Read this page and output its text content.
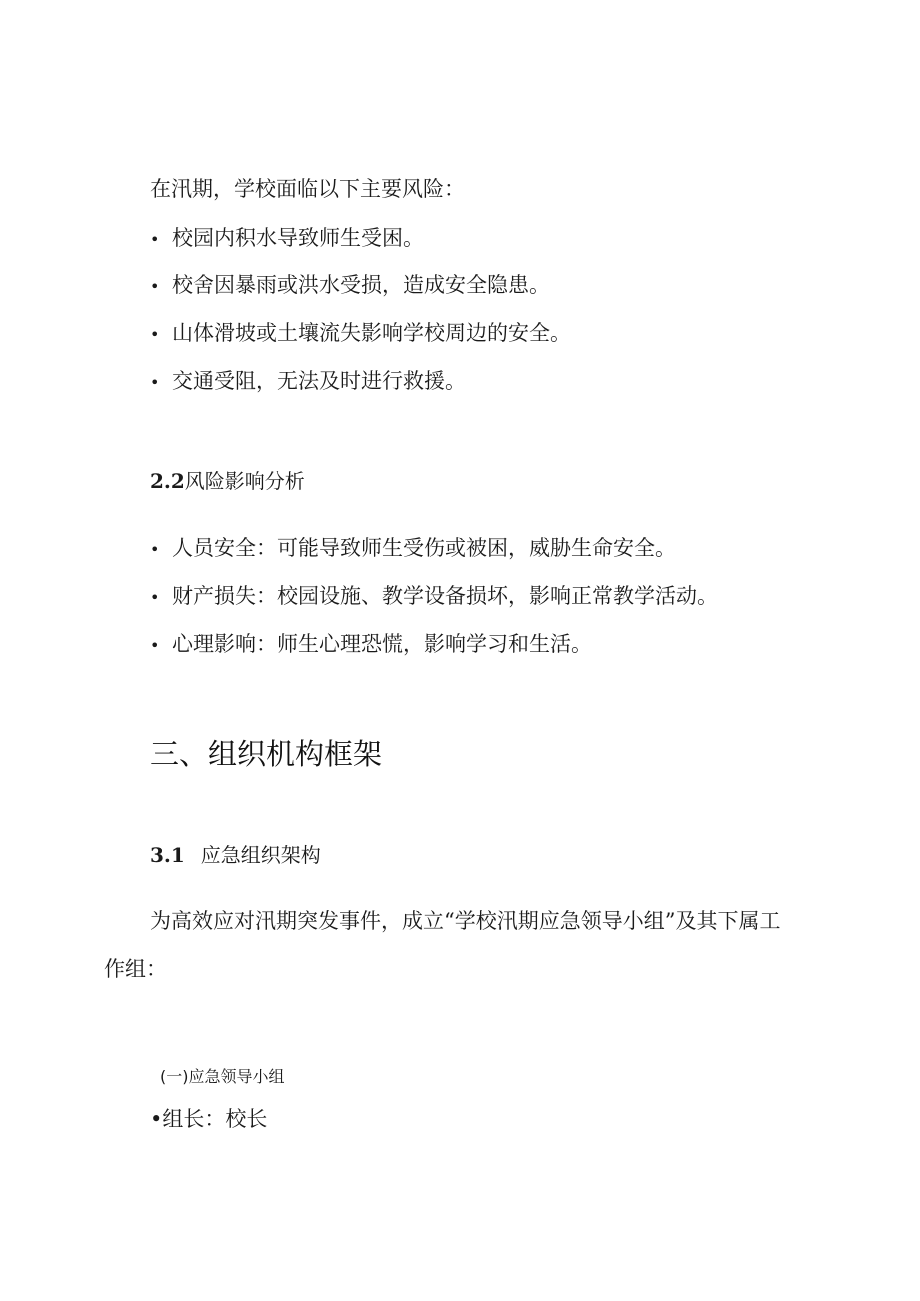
在汛期，学校面临以下主要风险：
• 校园内积水导致师生受困。
• 校舍因暴雨或洪水受损，造成安全隐患。
• 山体滑坡或土壤流失影响学校周边的安全。
• 交通受阻，无法及时进行救援。
2.2风险影响分析
• 人员安全：可能导致师生受伤或被困，威胁生命安全。
• 财产损失：校园设施、教学设备损坏，影响正常教学活动。
• 心理影响：师生心理恐慌，影响学习和生活。
三、组织机构框架
3.1 应急组织架构
为高效应对汛期突发事件，成立“学校汛期应急领导小组”及其下属工
作组：
(一)应急领导小组
•组长：校长
